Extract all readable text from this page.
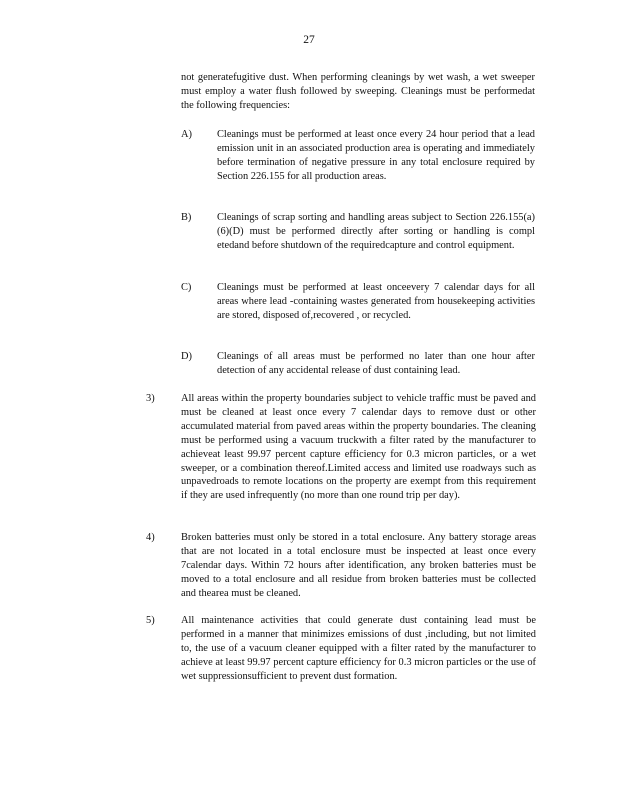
27

not generatefugitive dust. When performing cleanings by wet wash, a wet sweeper must employ a water flush followed by sweeping. Cleanings must be performedat the following frequencies:

A) Cleanings must be performed at least once every 24 hour period that a lead emission unit in an associated production area is operating and immediately before termination of negative pressure in any total enclosure required by Section 226.155 for all production areas.

B) Cleanings of scrap sorting and handling areas subject to Section 226.155(a)(6)(D) must be performed directly after sorting or handling is compl etedand before shutdown of the requiredcapture and control equipment.

C) Cleanings must be performed at least onceevery 7 calendar days for all areas where lead -containing wastes generated from housekeeping activities are stored, disposed of,recovered , or recycled.

D) Cleanings of all areas must be performed no later than one hour after detection of any accidental release of dust containing lead.

3)	All areas within the property boundaries subject to vehicle traffic must be paved and must be cleaned at least once every 7 calendar days to remove dust or other accumulated material from paved areas within the property boundaries. The cleaning must be performed using a vacuum truckwith a filter rated by the manufacturer to achieveat least 99.97 percent capture efficiency for 0.3 micron particles, or a wet sweeper, or a combination thereof.Limited access and limited use roadways such as unpavedroads to remote locations on the property are exempt from this requirement if they are used infrequently (no more than one round trip per day).

4)	Broken batteries must only be stored in a total enclosure. Any battery storage areas that are not located in a total enclosure must be inspected at least once every 7calendar days. Within 72 hours after identification, any broken batteries must be moved to a total enclosure and all residue from broken batteries must be collected and thearea must be cleaned.

5)	All maintenance activities that could generate dust containing lead must be performed in a manner that minimizes emissions of dust ,including, but not limited to, the use of a vacuum cleaner equipped with a filter rated by the manufacturer to achieve at least 99.97 percent capture efficiency for 0.3 micron particles or the use of wet suppressionsufficient to prevent dust formation.
